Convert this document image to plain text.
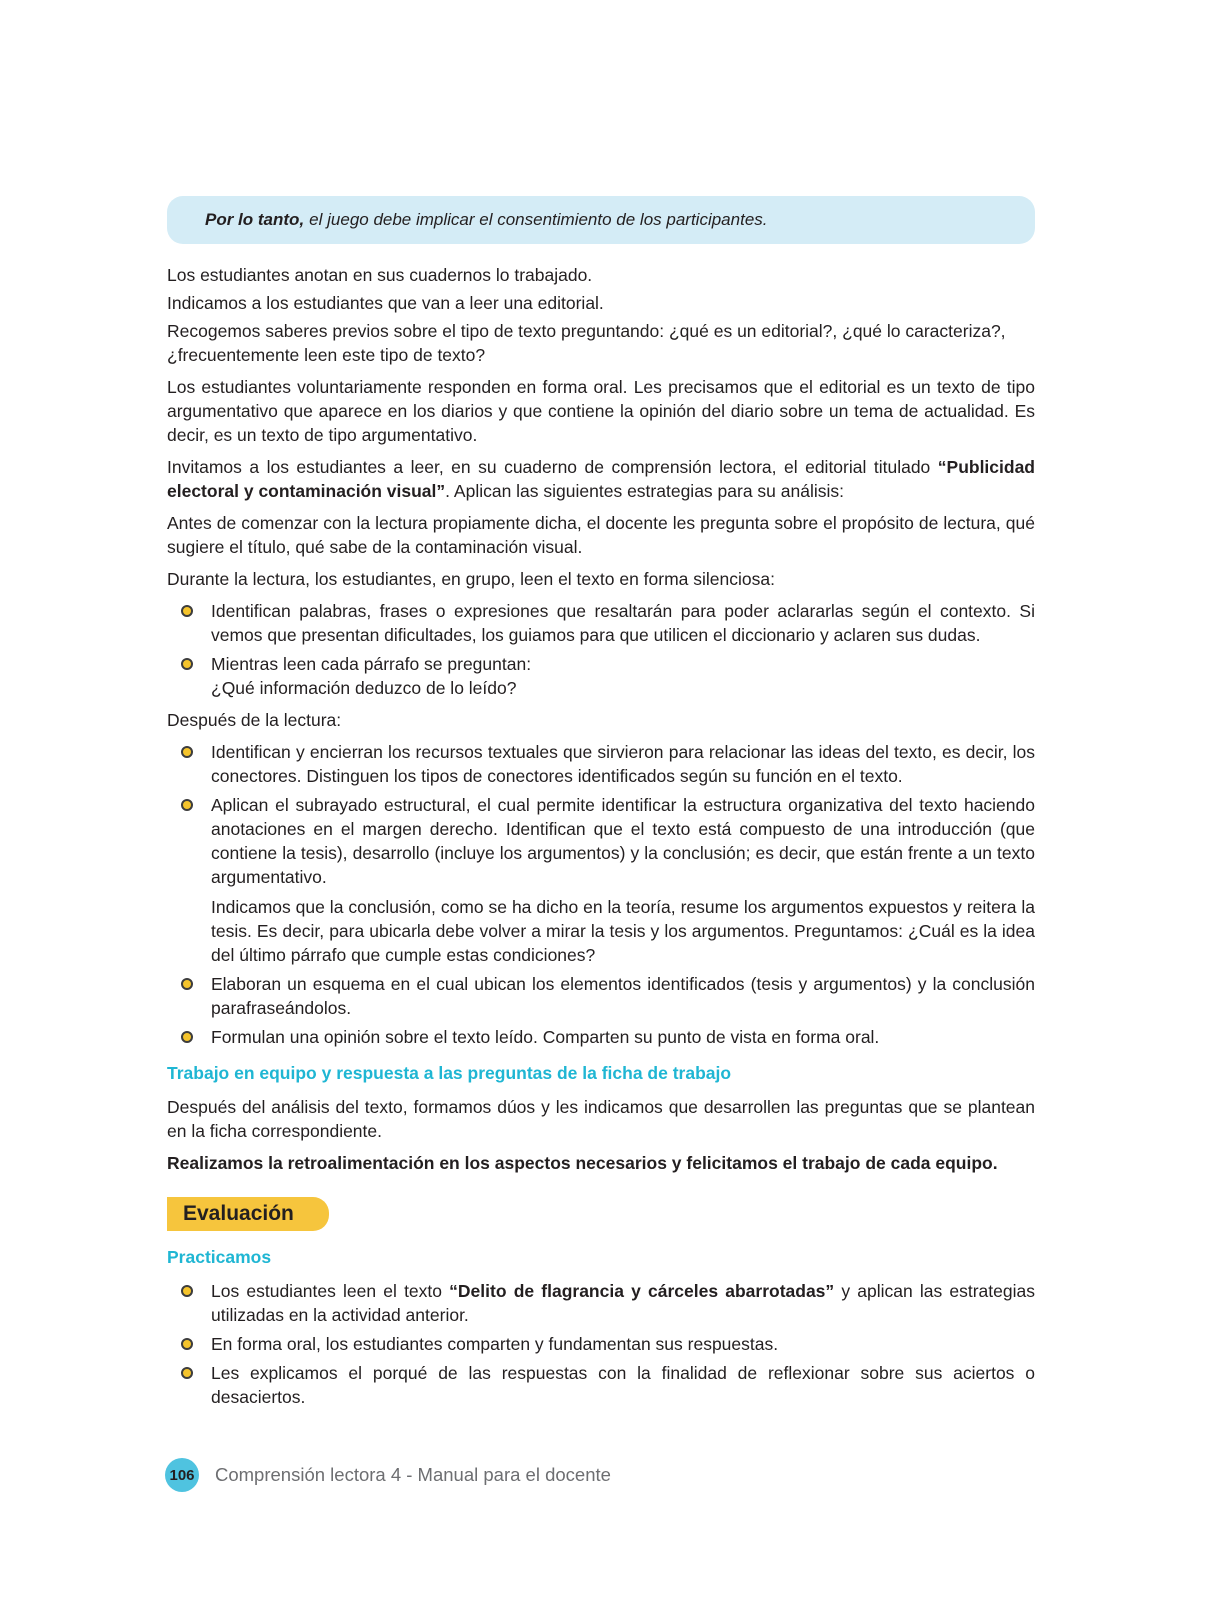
Por lo tanto, el juego debe implicar el consentimiento de los participantes.

Los estudiantes anotan en sus cuadernos lo trabajado.

Indicamos a los estudiantes que van a leer una editorial.

Recogemos saberes previos sobre el tipo de texto preguntando: ¿qué es un editorial?, ¿qué lo caracteriza?, ¿frecuentemente leen este tipo de texto?

Los estudiantes voluntariamente responden en forma oral. Les precisamos que el editorial es un texto de tipo argumentativo que aparece en los diarios y que contiene la opinión del diario sobre un tema de actualidad. Es decir, es un texto de tipo argumentativo.

Invitamos a los estudiantes a leer, en su cuaderno de comprensión lectora, el editorial titulado “Publicidad electoral y contaminación visual”. Aplican las siguientes estrategias para su análisis:

Antes de comenzar con la lectura propiamente dicha, el docente les pregunta sobre el propósito de lectura, qué sugiere el título, qué sabe de la contaminación visual.

Durante la lectura, los estudiantes, en grupo, leen el texto en forma silenciosa:

Identifican palabras, frases o expresiones que resaltarán para poder aclararlas según el contexto. Si vemos que presentan dificultades, los guiamos para que utilicen el diccionario y aclaren sus dudas.
Mientras leen cada párrafo se preguntan:
¿Qué información deduzco de lo leído?

Después de la lectura:

Identifican y encierran los recursos textuales que sirvieron para relacionar las ideas del texto, es decir, los conectores. Distinguen los tipos de conectores identificados según su función en el texto.
Aplican el subrayado estructural, el cual permite identificar la estructura organizativa del texto haciendo anotaciones en el margen derecho. Identifican que el texto está compuesto de una introducción (que contiene la tesis), desarrollo (incluye los argumentos) y la conclusión; es decir, que están frente a un texto argumentativo.
Indicamos que la conclusión, como se ha dicho en la teoría, resume los argumentos expuestos y reitera la tesis. Es decir, para ubicarla debe volver a mirar la tesis y los argumentos. Preguntamos: ¿Cuál es la idea del último párrafo que cumple estas condiciones?
Elaboran un esquema en el cual ubican los elementos identificados (tesis y argumentos) y la conclusión parafraseándolos.
Formulan una opinión sobre el texto leído. Comparten su punto de vista en forma oral.
Trabajo en equipo y respuesta a las preguntas de la ficha de trabajo

Después del análisis del texto, formamos dúos y les indicamos que desarrollen las preguntas que se plantean en la ficha correspondiente.

Realizamos la retroalimentación en los aspectos necesarios y felicitamos el trabajo de cada equipo.

Evaluación
Practicamos
Los estudiantes leen el texto “Delito de flagrancia y cárceles abarrotadas” y aplican las estrategias utilizadas en la actividad anterior.
En forma oral, los estudiantes comparten y fundamentan sus respuestas.
Les explicamos el porqué de las respuestas con la finalidad de reflexionar sobre sus aciertos o desaciertos.
106 Comprensión lectora 4 - Manual para el docente
